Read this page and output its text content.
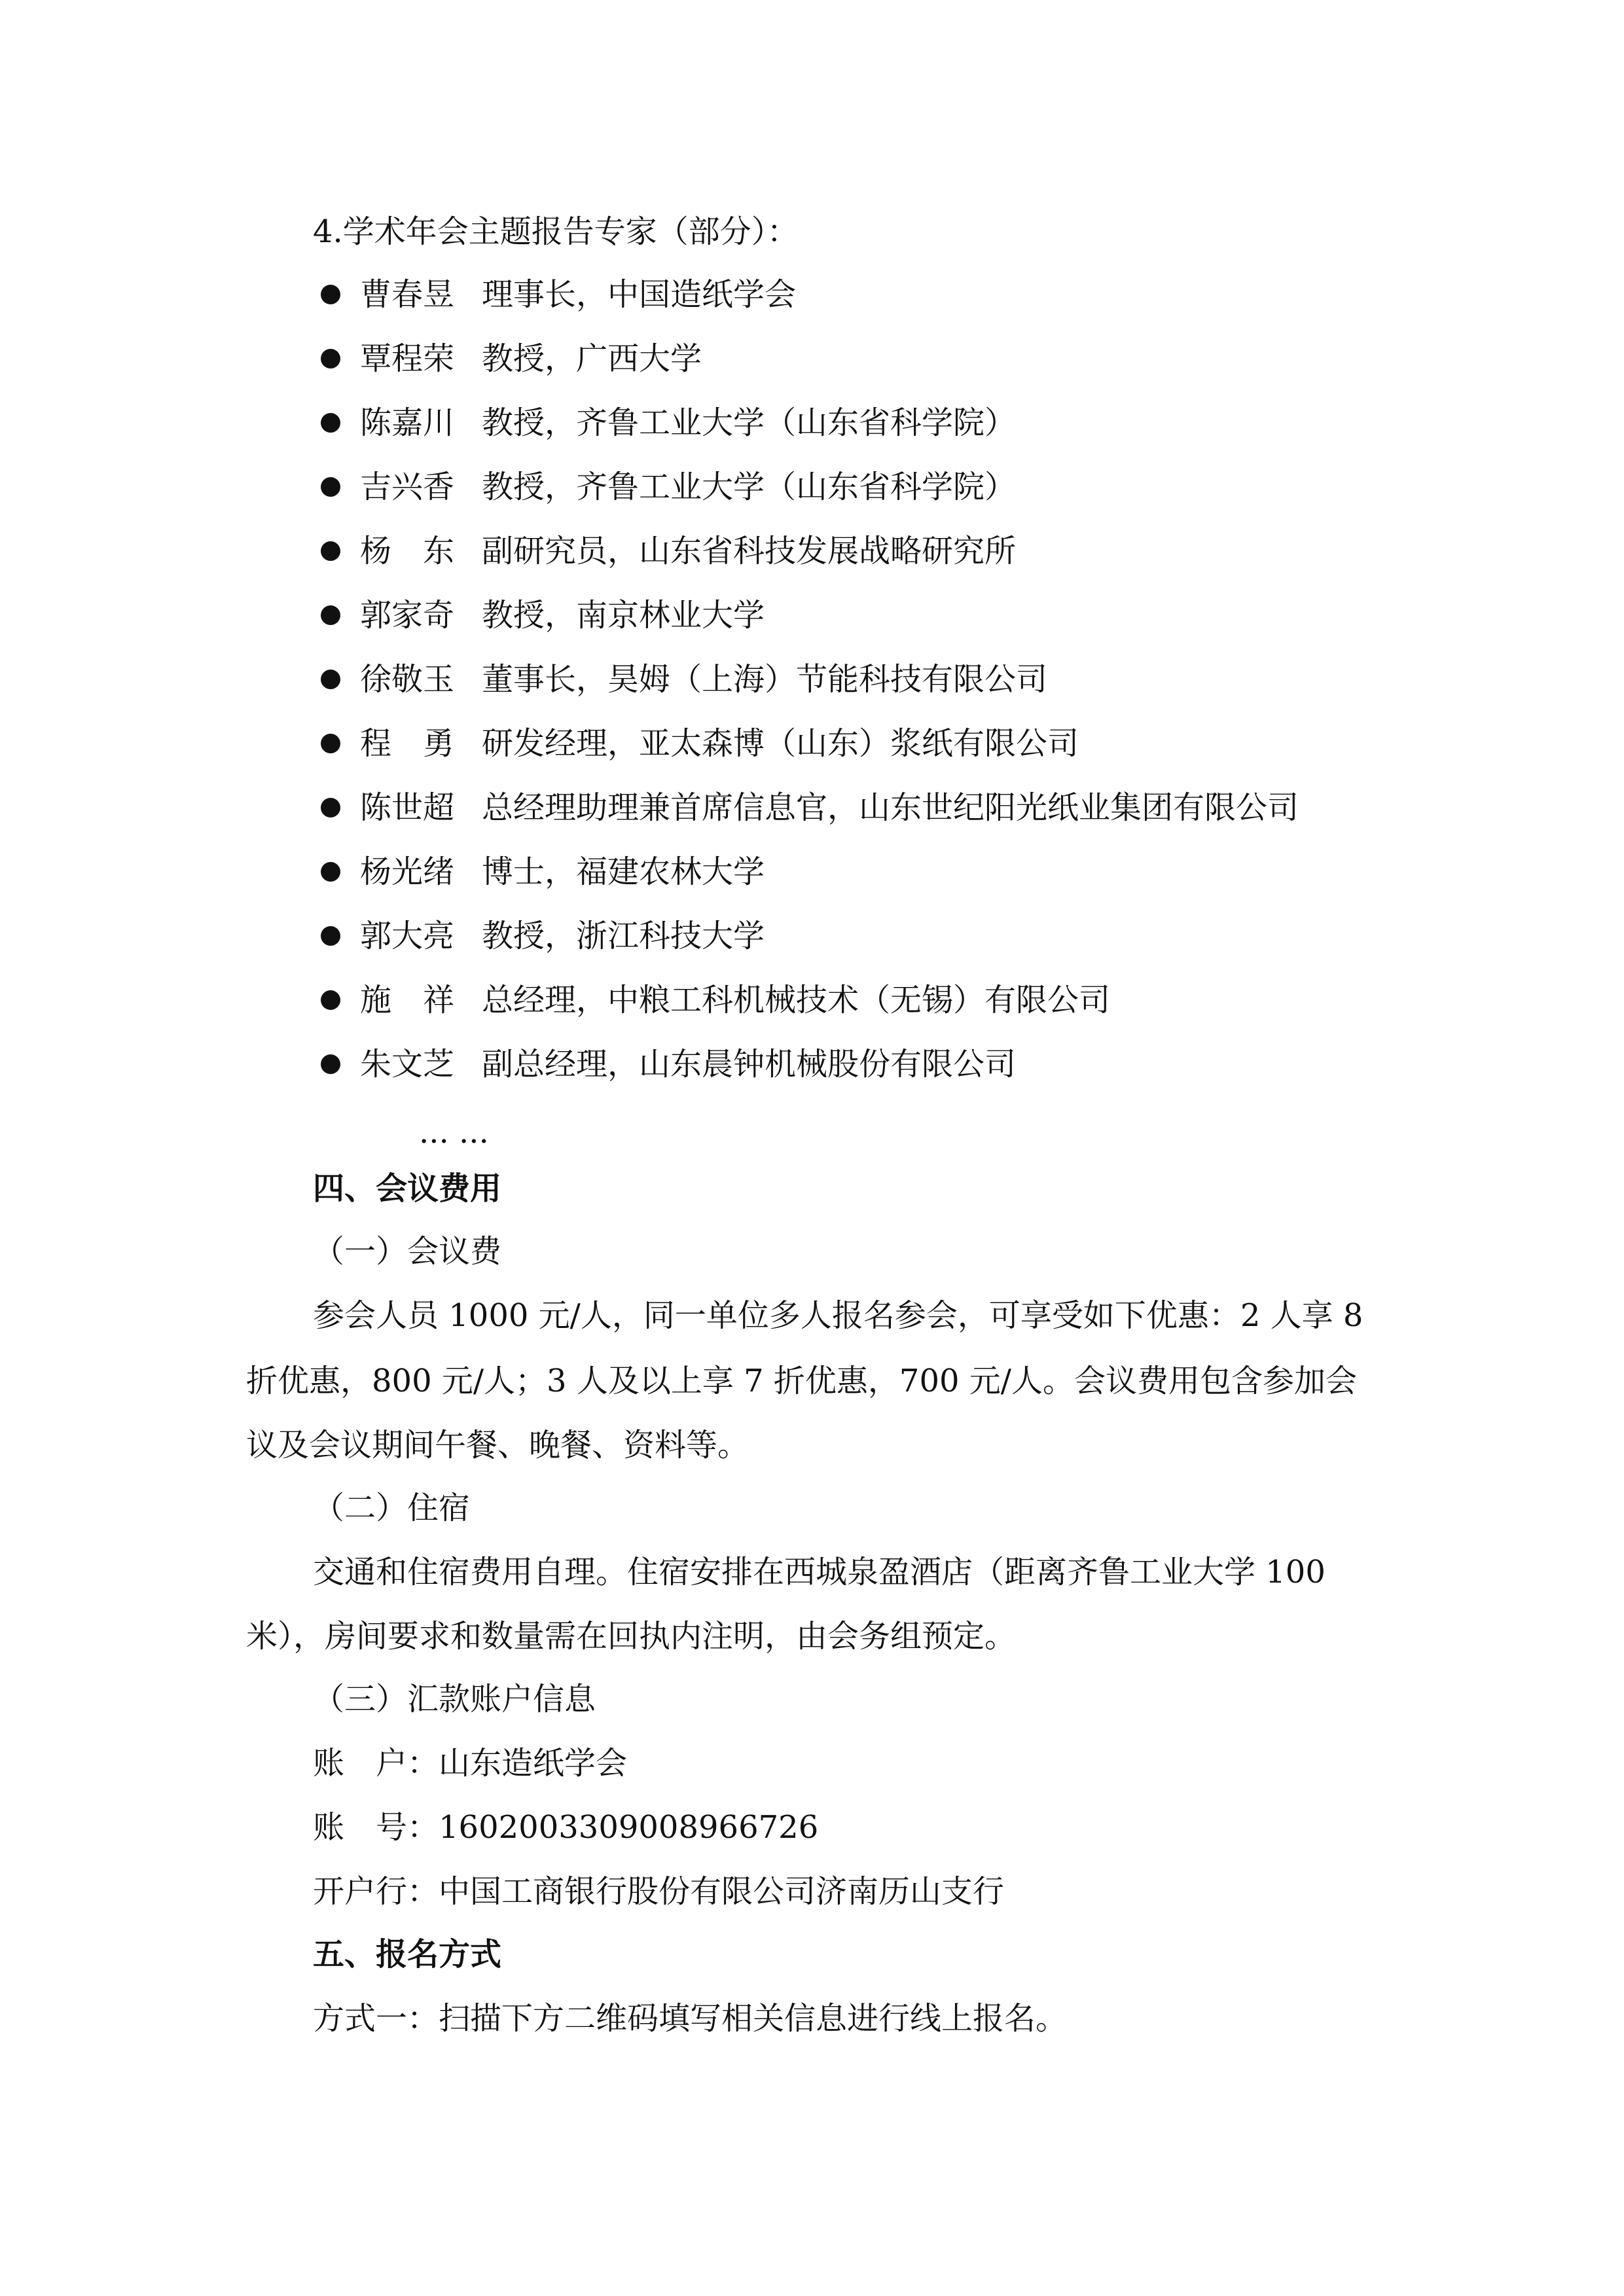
4.学术年会主题报告专家（部分）：
曹春昱 理事长，中国造纸学会
覃程荣 教授，广西大学
陈嘉川 教授，齐鲁工业大学（山东省科学院）
吉兴香 教授，齐鲁工业大学（山东省科学院）
杨　东 副研究员，山东省科技发展战略研究所
郭家奇 教授，南京林业大学
徐敬玉 董事长，昊姆（上海）节能科技有限公司
程　勇 研发经理，亚太森博（山东）浆纸有限公司
陈世超 总经理助理兼首席信息官，山东世纪阳光纸业集团有限公司
杨光绪 博士，福建农林大学
郭大亮 教授，浙江科技大学
施　祥 总经理，中粮工科机械技术（无锡）有限公司
朱文芝 副总经理，山东晨钟机械股份有限公司
... ...
四、会议费用
（一）会议费
参会人员 1000 元/人，同一单位多人报名参会，可享受如下优惠：2 人享 8
折优惠，800 元/人；3 人及以上享 7 折优惠，700 元/人。会议费用包含参加会
议及会议期间午餐、晚餐、资料等。
（二）住宿
交通和住宿费用自理。住宿安排在西城泉盈酒店（距离齐鲁工业大学 100
米），房间要求和数量需在回执内注明，由会务组预定。
（三）汇款账户信息
账　户：山东造纸学会
账　号：1602003309008966726
开户行：中国工商银行股份有限公司济南历山支行
五、报名方式
方式一：扫描下方二维码填写相关信息进行线上报名。
